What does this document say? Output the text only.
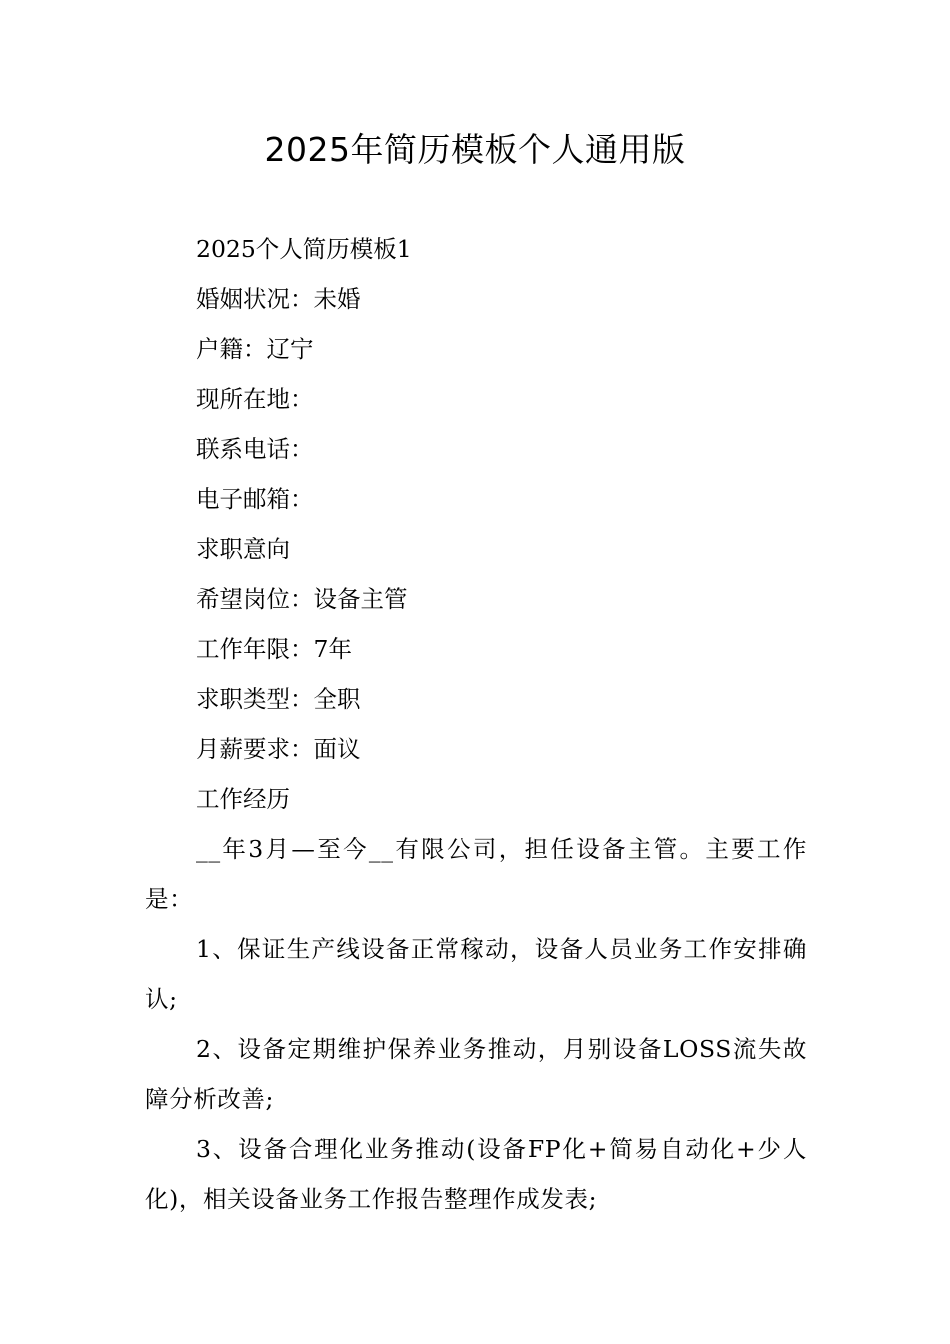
2025年简历模板个人通用版
2025个人简历模板1
婚姻状况：未婚
户籍：辽宁
现所在地：
联系电话：
电子邮箱：
求职意向
希望岗位：设备主管
工作年限：7年
求职类型：全职
月薪要求：面议
工作经历
__年3月—至今__有限公司，担任设备主管。主要工作是：
1、保证生产线设备正常稼动，设备人员业务工作安排确认;
2、设备定期维护保养业务推动，月别设备LOSS流失故障分析改善;
3、设备合理化业务推动(设备FP化+简易自动化+少人化)，相关设备业务工作报告整理作成发表;
